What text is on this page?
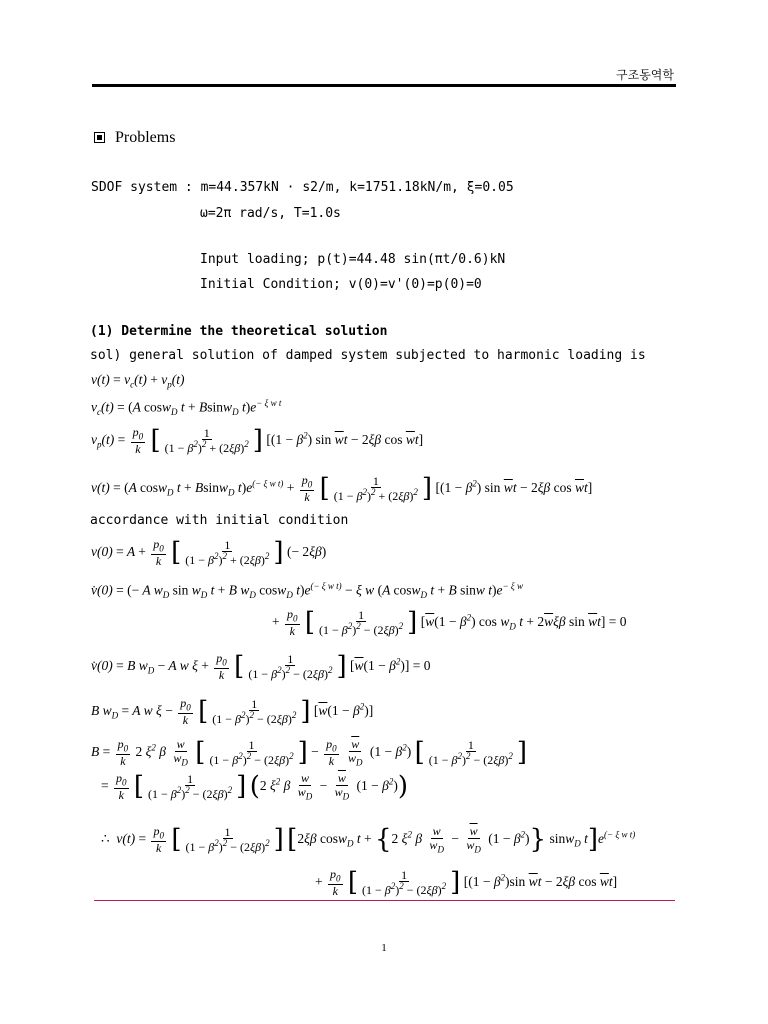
구조동역학
Problems
SDOF system : m=44.357kN · s2/m, k=1751.18kN/m, ξ=0.05
ω=2π rad/s, T=1.0s
Input loading; p(t)=44.48 sin(πt/0.6)kN
Initial Condition; v(0)=v'(0)=p(0)=0
(1) Determine the theoretical solution
sol) general solution of damped system subjected to harmonic loading is
$v(t) = v_c(t) + v_p(t)$
$v_c(t) = (A$ cosw$_D$ t + Bsinw$_D$ $t)e^{- \xi w t}$
$v_p(t) = \frac{p_0}{k}$ [ $\frac{1}{(1 - \beta^2)^2 + (2\xi\beta)^2}$ ] [$(1 - \beta^2)$ $\sin \overline{w}t - 2\xi\beta$ $\cos \overline{w}t$]
v(t) = (A cosw$_D$ t + Bsinw$_D$ $t)e^{(- \xi w t)} + \frac{p_0}{k}$ [ $\frac{1}{(1 - \beta^2)^2 + (2\xi\beta)^2}$ ] [$(1 - \beta^2)$ $\sin \overline{w}t - 2\xi\beta$ $\cos \overline{w}t$]
accordance with initial condition
$v(0) = A + \frac{p_0}{k}$ [ $\frac{1}{(1 - \beta^2)^2 + (2\xi\beta)^2}$ ] (− 2ξβ)
v̇(0) = (− A $w_D$ $\sin w_D$ t + B $w_D$ cosw$_D$ $t)e^{(- \xi w t)} - \xi$ w (A cosw$_D$ t + B sinw $t)e^{- \xi w}$
+ $\frac{p_0}{k}$ [ $\frac{1}{(1 - \beta^2)^2 - (2\xi\beta)^2}$ ] [$\overline{w}(1 - \beta^2)$ $\cos w_D$ $t + 2\overline{w}\xi\beta$ $\sin \overline{w}t] = 0$
v̇(0) = B $w_D - A$ w $\xi + \frac{p_0}{k}$ [ $\frac{1}{(1 - \beta^2)^2 - (2\xi\beta)^2}$ ] $[\overline{w}(1 - \beta^2)] = 0$
B $w_D = A$ w $\xi - \frac{p_0}{k}$ [ $\frac{1}{(1 - \beta^2)^2 - (2\xi\beta)^2}$ ] $[\overline{w}(1 - \beta^2)]$
$B = \frac{p_0}{k} 2$ $\xi^2$ β $\frac{w}{w_D}$ [ $\frac{1}{(1 - \beta^2)^2 - (2\xi\beta)^2}$ ] − $\frac{p_0}{k}$
$\frac{\overline{w}}{w_D} (1 - \beta^2)$ [ $\frac{1}{(1 - \beta^2)^2 - (2\xi\beta)^2}$ ]
= $\frac{p_0}{k}$ [ $\frac{1}{(1 - \beta^2)^2 - (2\xi\beta)^2}$ ] (2 $\xi^2$ β $\frac{w}{w_D} - \frac{\overline{w}}{w_D} (1 - \beta^2)$)
∴  $v(t) = \frac{p_0}{k}$ [ $\frac{1}{(1 - \beta^2)^2 - (2\xi\beta)^2}$ ] [2ξβ cosw$_D$ t + {2 $\xi^2$ β $\frac{w}{w_D} - \frac{\overline{w}}{w_D} (1 - \beta^2)$} sinw$_D$ $t]e^{(- \xi w t)}$
+ $\frac{p_0}{k}$ [ $\frac{1}{(1 - \beta^2)^2 - (2\xi\beta)^2}$ ] [$(1 - \beta^2)\sin$ $\overline{w}t - 2\xi\beta$ $\cos \overline{w}t$]
1
